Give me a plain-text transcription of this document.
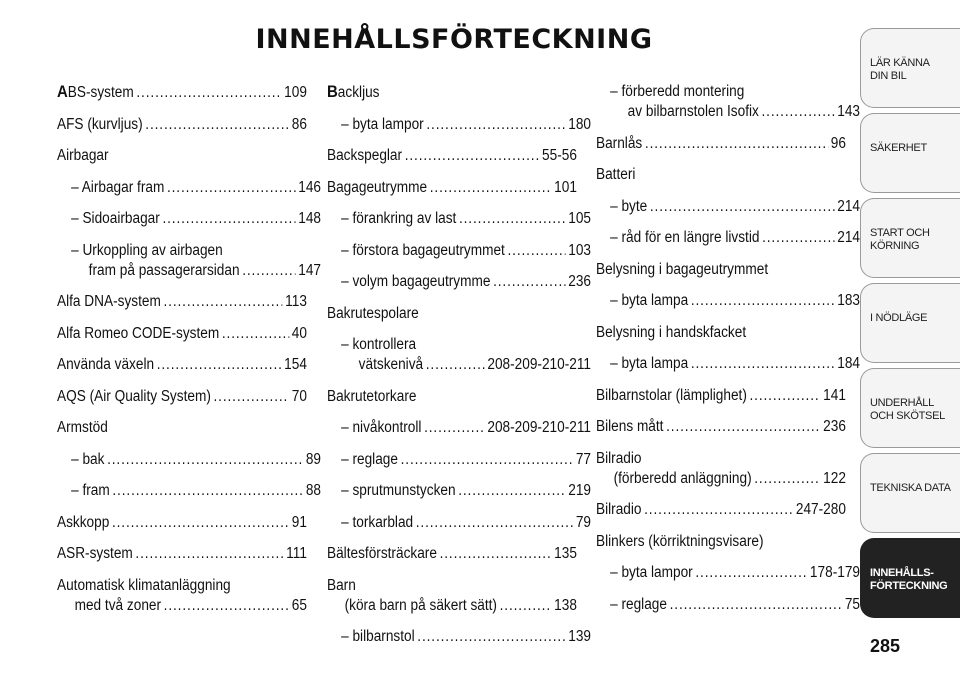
INNEHÅLLSFÖRTECKNING
ABS-system .....	109
AFS (kurvljus) .....	86
Airbagar
– Airbagar fram .....	146
– Sidoairbagar .....	148
– Urkoppling av airbagen
fram på passagerarsidan .....	147
Alfa DNA-system .....	113
Alfa Romeo CODE-system .....	40
Använda växeln .....	154
AQS (Air Quality System) .....	70
Armstöd
– bak .....	89
– fram .....	88
Askkopp .....	91
ASR-system .....	111
Automatisk klimatanläggning
med två zoner .....	65
Backljus
– byta lampor .....	180
Backspeglar .....	55-56
Bagageutrymme .....	101
– förankring av last .....	105
– förstora bagageutrymmet .....	103
– volym bagageutrymme .....	236
Bakrutespolare
– kontrollera
vätskenivå .....	208-209-210-211
Bakrutetorkare
– nivåkontroll .....	208-209-210-211
– reglage .....	77
– sprutmunstycken .....	219
– torkarblad .....	79
Bältesförsträckare .....	135
Barn
(köra barn på säkert sätt) .....	138
– bilbarnstol .....	139
– förberedd montering
av bilbarnstolen Isofix .....	143
Barnlås .....	96
Batteri
– byte .....	214
– råd för en längre livstid .....	214
Belysning i bagageutrymmet
– byta lampa .....	183
Belysning i handskfacket
– byta lampa .....	184
Bilbarnstolar (lämplighet) .....	141
Bilens mått .....	236
Bilradio
(förberedd anläggning) .....	122
Bilradio .....	247-280
Blinkers (körriktningsvisare)
– byta lampor .....	178-179
– reglage .....	75
LÄR KÄNNA
DIN BIL
SÄKERHET
START OCH
KÖRNING
I NÖDLÄGE
UNDERHÅLL
OCH SKÖTSEL
TEKNISKA DATA
INNEHÅLLS-
FÖRTECKNING
285
